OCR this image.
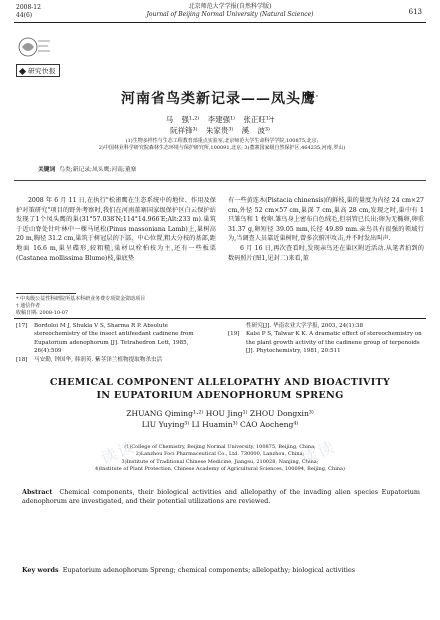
2008-12
44(6)
北京师范大学学报(自然科学版)
Journal of Beijing Normal University (Natural Science)	613
研究快报
河南省鸟类新记录——凤头鹰*
马 强¹·²⁾ 李建强¹⁾ 张正旺¹⁾†
阮祥锋³⁾ 朱家贵³⁾ 溪 波³⁾
(1)生物多样性与生态工程教育部重点实验室,北京师范大学生命科学学院,100875,北京;
2)中国林业科学研究院森林生态环境与保护研究所,100091,北京; 3)董寨国家级自然保护区,464235,河南,罗山)
关键词 鸟类;新记录;凤头鹰;河南;董寨

2008 年 6 月 11 日,在执行"松雀鹰在生态系统中的地位、作用及保护对策研究"项目的野外考察时,我们在河南董寨国家级保护区白云保护站发现了1个凤头鹰的巢(31°57.038′N;114°14.966′E;Alt:233 m).巢筑于近山脊处针叶林中一棵马尾松(Pinus massoniana Lamb)上,巢树高 20 m,胸径 31.2 cm,巢筑于树冠层的下部、中心位置,粗大分枝的基部,距地面 16.6 m,巢呈碟形,较粗糙,巢材以栓柏枝为主,还有一些板栗(Castanea mollissima Blume)枝,巢底垫

有一些黄连木(Pistacia chinensis)的鲜枝,巢的量度为内径 24 cm×27 cm,外径 52 cm×57 cm,巢深 7 cm,巢高 28 cm,发现之时,巢中有 1 只雏鸟和 1 枚卵.雏鸟身上密布白色绒毛,但羽管已长出;卵为无椭卵,卵重 31.37 g,卵短径 39.05 mm,长径 49.89 mm.亲鸟具有很强的领域行为,当调查人员靠近巢树时,曾多次俯冲攻击,并不时发出叫声.

6 月 16 日,再次查看时,发现亲鸟还在巢区附近活动.从笔者拍到的数码照片(图1,见封二)来看,董

* 中央级公益性科研院所基本科研业务费专项资金资助项目
† 通信作者
收稿日期: 2008-10-07
[17]	Bordoloi M J, Shukla V S, Sharma R P. Absolute stereochemistry of the insect antifeedant cadinene from Eupatorium adenophorum [J]. Tetrahedron Lett, 1985, 26(4):509
[18]	马安勤, 钟国华, 韩润英. 紫茎泽兰植物提取物杀虫活
性研究[J]. 华南农业大学学报, 2003, 24(1):38
[19]	Kalsi P S, Talwar K K. A dramatic effect of stereochemistry on the plant growth activity of the cadinene group of terpenoids [J]. Phytochemistry, 1981, 20:511
CHEMICAL COMPONENT ALLELOPATHY AND BIOACTIVITY
IN EUPATORIUM ADENOPHORUM SPRENG
ZHUANG Qiming¹·²⁾ HOU Jing¹⁾ ZHOU Dongxin³⁾
LIU Yuying³⁾ LI Huamin³⁾ CAO Aocheng⁴⁾
(1)College of Chemistry, Beijing Normal University, 100875, Beijing, China;
2)Lanzhou Foci Pharmaceutical Co., Ltd. 730000, Lanzhou, China;
3)Institute of Traditional Chinese Medicine, Jiangsu, 210028, Nanjing, China;
4)Institute of Plant Protection, Chinese Academy of Agricultural Sciences, 100094, Beijing, China)
Abstract Chemical components, their biological activities and allelopathy of the invading alien species Eupatorium adenophorum are investigated, and their potential utilizations are reviewed.
Key words Eupatorium adenophorum Spreng; chemical components; allelopathy; biological activities
读读	读读
读读	读读
